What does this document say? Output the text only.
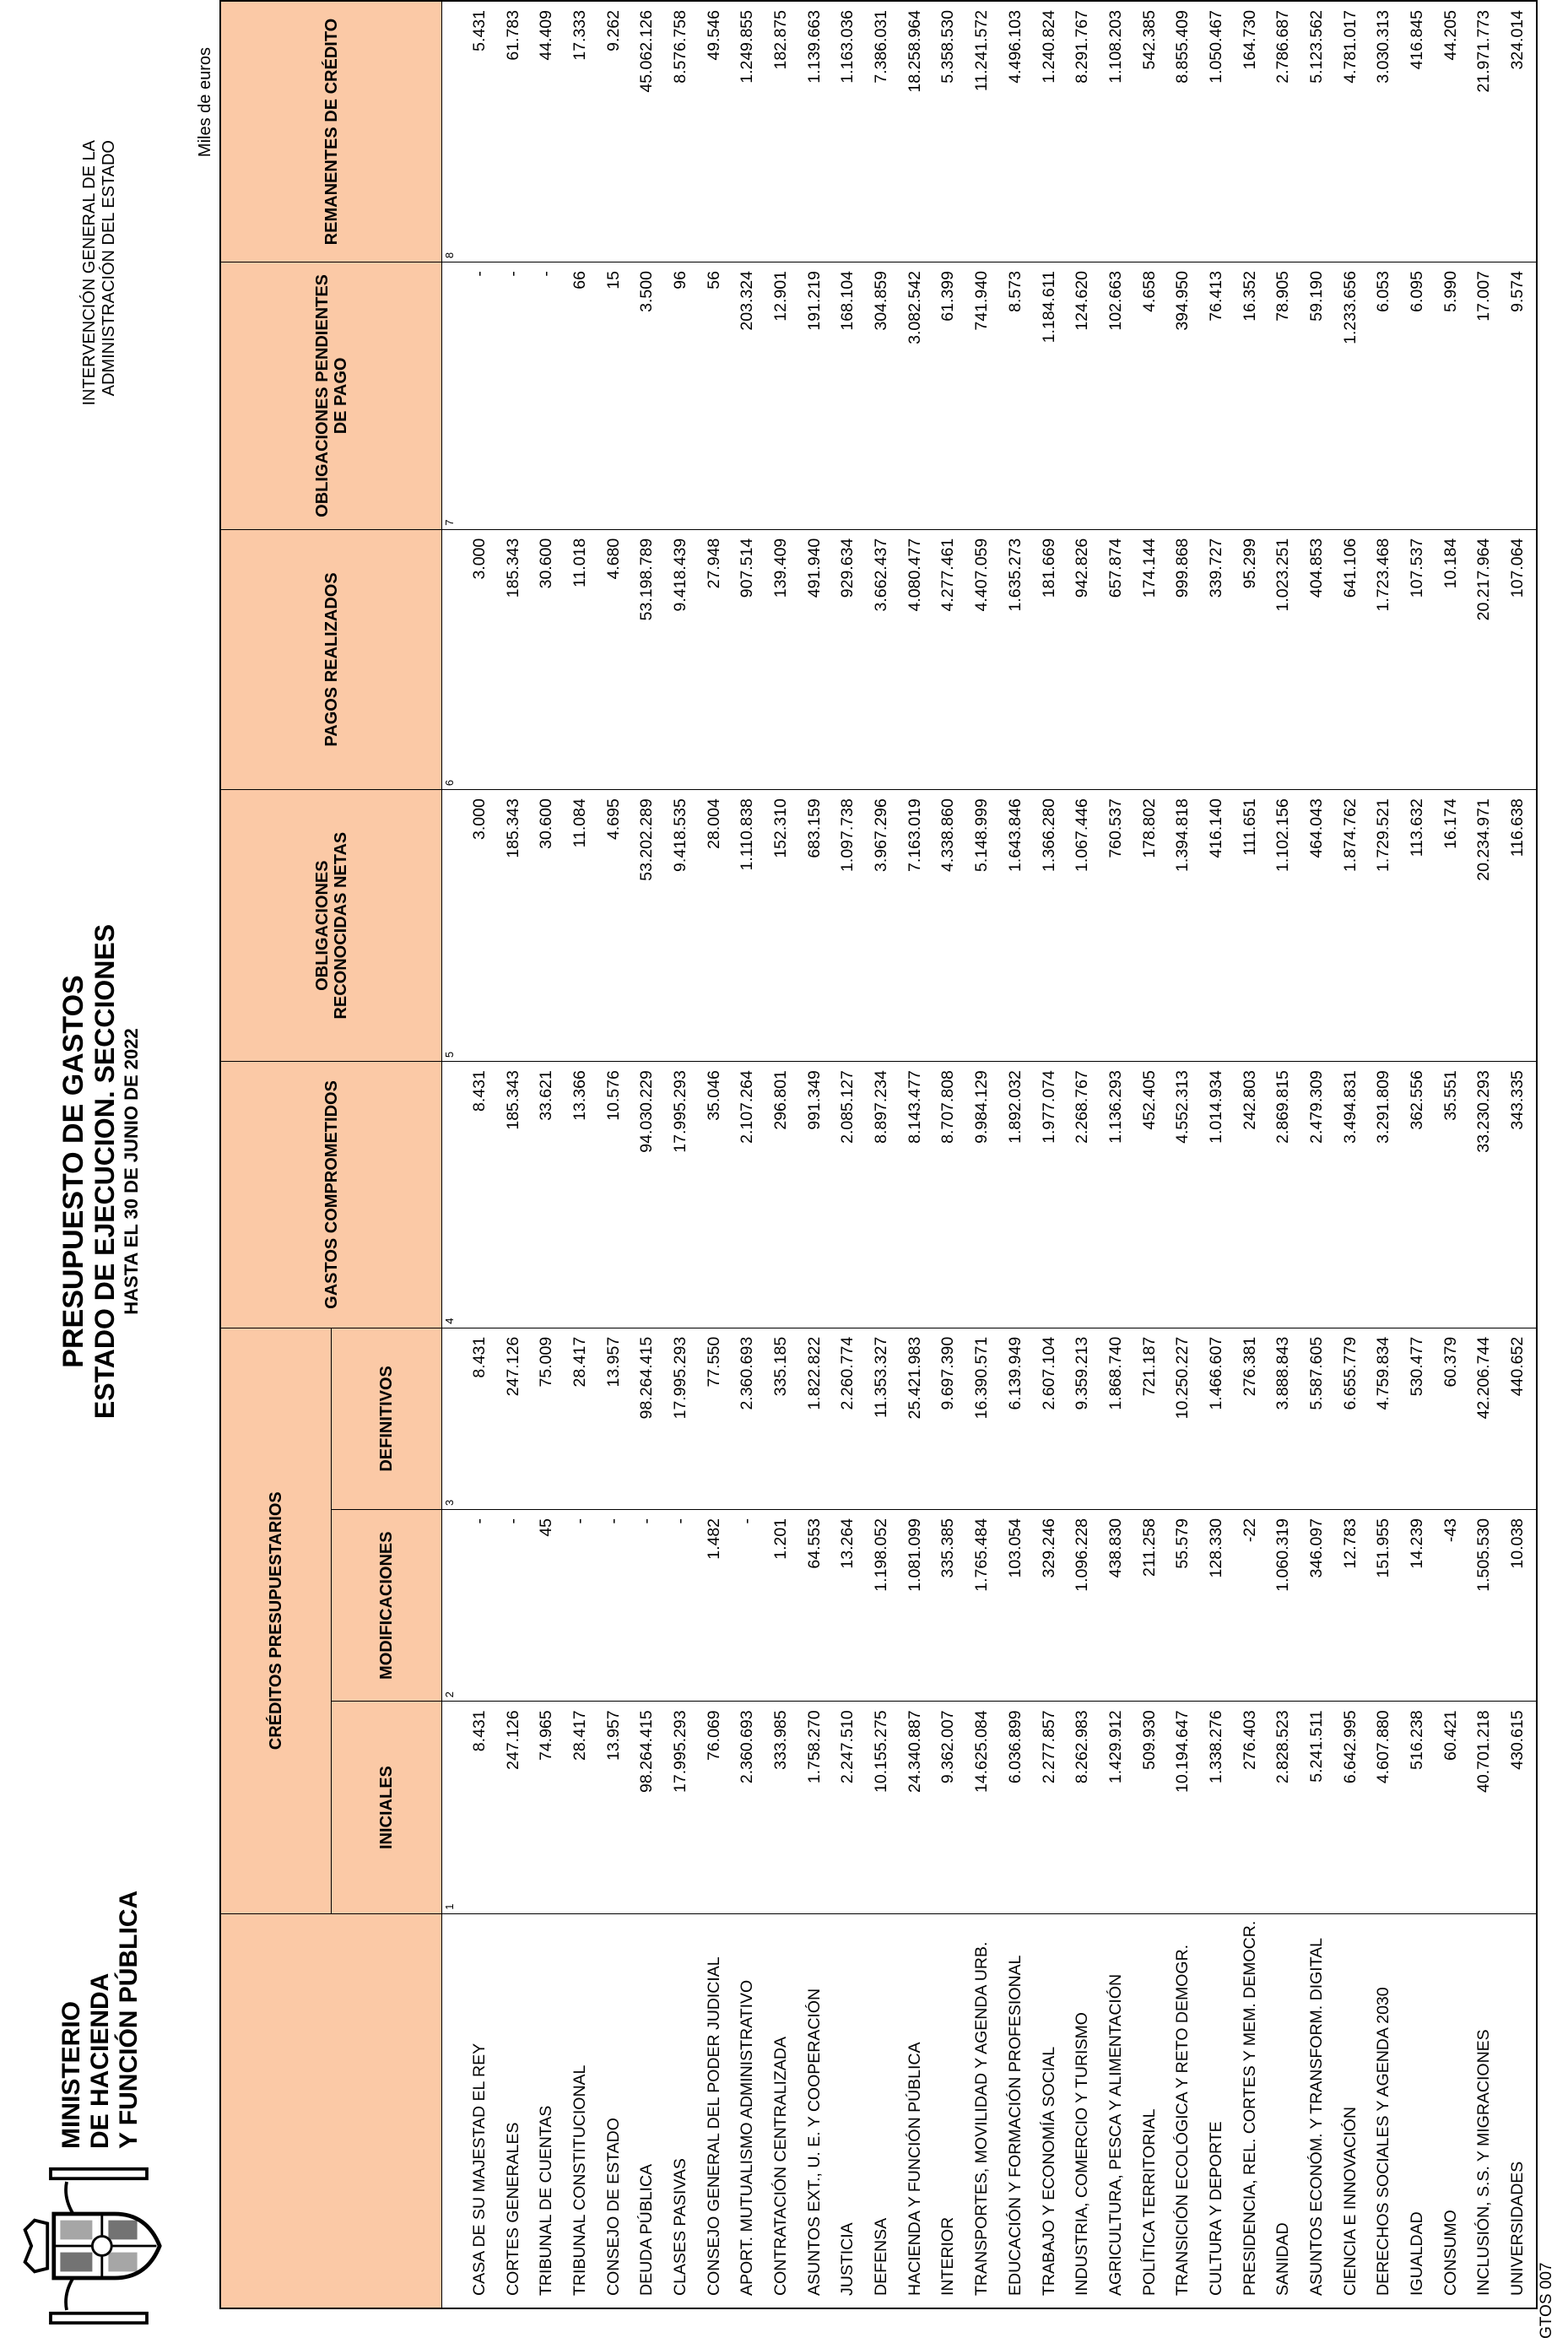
MINISTERIO DE HACIENDA Y FUNCIÓN PÚBLICA
PRESUPUESTO DE GASTOS ESTADO DE EJECUCION. SECCIONES HASTA EL 30 DE JUNIO DE 2022
INTERVENCIÓN GENERAL DE LA ADMINISTRACIÓN DEL ESTADO
Miles de euros
	CRÉDITOS PRESUPUESTARIOS			GASTOS COMPROMETIDOS	OBLIGACIONES RECONOCIDAS NETAS	PAGOS REALIZADOS	OBLIGACIONES PENDIENTES DE PAGO	REMANENTES DE CRÉDITO
	INICIALES	MODIFICACIONES	DEFINITIVOS					
	1	2	3	4	5	6	7	8
CASA DE SU MAJESTAD EL REY	8.431	-	8.431	8.431	3.000	3.000	-	5.431
CORTES GENERALES	247.126	-	247.126	185.343	185.343	185.343	-	61.783
TRIBUNAL DE CUENTAS	74.965	45	75.009	33.621	30.600	30.600	-	44.409
TRIBUNAL CONSTITUCIONAL	28.417	-	28.417	13.366	11.084	11.018	66	17.333
CONSEJO DE ESTADO	13.957	-	13.957	10.576	4.695	4.680	15	9.262
DEUDA PÚBLICA	98.264.415	-	98.264.415	94.030.229	53.202.289	53.198.789	3.500	45.062.126
CLASES PASIVAS	17.995.293	-	17.995.293	17.995.293	9.418.535	9.418.439	96	8.576.758
CONSEJO GENERAL DEL PODER JUDICIAL	76.069	1.482	77.550	35.046	28.004	27.948	56	49.546
APORT. MUTUALISMO ADMINISTRATIVO	2.360.693	-	2.360.693	2.107.264	1.110.838	907.514	203.324	1.249.855
CONTRATACIÓN CENTRALIZADA	333.985	1.201	335.185	296.801	152.310	139.409	12.901	182.875
ASUNTOS EXT., U. E. Y COOPERACIÓN	1.758.270	64.553	1.822.822	991.349	683.159	491.940	191.219	1.139.663
JUSTICIA	2.247.510	13.264	2.260.774	2.085.127	1.097.738	929.634	168.104	1.163.036
DEFENSA	10.155.275	1.198.052	11.353.327	8.897.234	3.967.296	3.662.437	304.859	7.386.031
HACIENDA Y FUNCIÓN PÚBLICA	24.340.887	1.081.099	25.421.983	8.143.477	7.163.019	4.080.477	3.082.542	18.258.964
INTERIOR	9.362.007	335.385	9.697.390	8.707.808	4.338.860	4.277.461	61.399	5.358.530
TRANSPORTES, MOVILIDAD Y AGENDA URB.	14.625.084	1.765.484	16.390.571	9.984.129	5.148.999	4.407.059	741.940	11.241.572
EDUCACIÓN Y FORMACIÓN PROFESIONAL	6.036.899	103.054	6.139.949	1.892.032	1.643.846	1.635.273	8.573	4.496.103
TRABAJO Y ECONOMÍA SOCIAL	2.277.857	329.246	2.607.104	1.977.074	1.366.280	181.669	1.184.611	1.240.824
INDUSTRIA, COMERCIO Y TURISMO	8.262.983	1.096.228	9.359.213	2.268.767	1.067.446	942.826	124.620	8.291.767
AGRICULTURA, PESCA Y ALIMENTACIÓN	1.429.912	438.830	1.868.740	1.136.293	760.537	657.874	102.663	1.108.203
POLÍTICA TERRITORIAL	509.930	211.258	721.187	452.405	178.802	174.144	4.658	542.385
TRANSICIÓN ECOLÓGICA Y RETO DEMOGR.	10.194.647	55.579	10.250.227	4.552.313	1.394.818	999.868	394.950	8.855.409
CULTURA Y DEPORTE	1.338.276	128.330	1.466.607	1.014.934	416.140	339.727	76.413	1.050.467
PRESIDENCIA, REL. CORTES Y MEM. DEMOCR.	276.403	-22	276.381	242.803	111.651	95.299	16.352	164.730
SANIDAD	2.828.523	1.060.319	3.888.843	2.869.815	1.102.156	1.023.251	78.905	2.786.687
ASUNTOS ECONÓM. Y TRANSFORM. DIGITAL	5.241.511	346.097	5.587.605	2.479.309	464.043	404.853	59.190	5.123.562
CIENCIA E INNOVACIÓN	6.642.995	12.783	6.655.779	3.494.831	1.874.762	641.106	1.233.656	4.781.017
DERECHOS SOCIALES Y AGENDA 2030	4.607.880	151.955	4.759.834	3.291.809	1.729.521	1.723.468	6.053	3.030.313
IGUALDAD	516.238	14.239	530.477	362.556	113.632	107.537	6.095	416.845
CONSUMO	60.421	-43	60.379	35.551	16.174	10.184	5.990	44.205
INCLUSIÓN, S.S. Y MIGRACIONES	40.701.218	1.505.530	42.206.744	33.230.293	20.234.971	20.217.964	17.007	21.971.773
UNIVERSIDADES	430.615	10.038	440.652	343.335	116.638	107.064	9.574	324.014
GTOS 007
